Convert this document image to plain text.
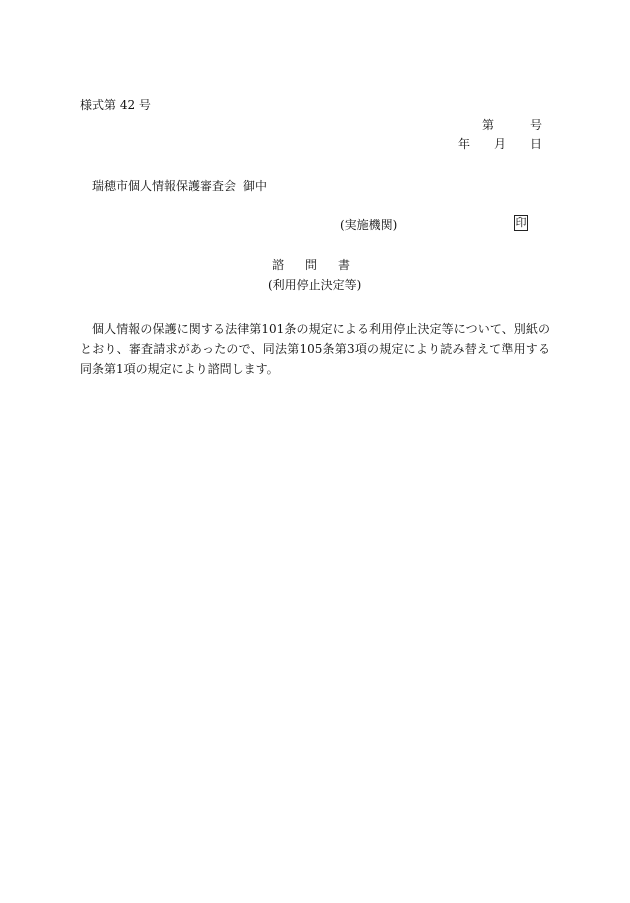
様式第 42 号
第	号
年 月 日
瑞穂市個人情報保護審査会 御中
(実施機関)	印
諮問書
(利用停止決定等)
個人情報の保護に関する法律第101条の規定による利用停止決定等について、別紙のとおり、審査請求があったので、同法第105条第3項の規定により読み替えて準用する同条第1項の規定により諮問します。
